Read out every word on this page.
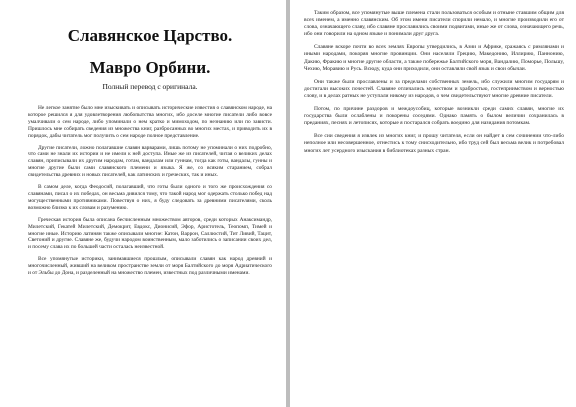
Славянское Царство.
Мавро Орбини.
Полный перевод с оригинала.

Не легкое занятие было мне изыскивать и описывать исторические известия о славянском народе, на которое решился я для удовлетворения любопытства многих, ибо доселе многие писатели либо вовсе умалчивали о сем народе, либо упоминали о нем кратко и мимоходом, по незнанию или по зависти. Пришлось мне собирать сведения из множества книг, разбросанных во многих местах, и приводить их в порядок, дабы читатель мог получить о сем народе полное представление.

Другие писатели, ложно полагавшие славян варварами, лишь потому не упоминали о них подробно, что сами не знали их истории и не имели к ней доступа. Иные же из писателей, читая о великих делах славян, приписывали их другим народам, готам, вандалам или гуннам, тогда как готы, вандалы, гунны и многие другие были сами славянского племени и языка. Я же, со всяким старанием, собрал свидетельства древних и новых писателей, как латинских и греческих, так и иных.

В самом деле, когда Феодосий, полагавший, что готы были одного и того же происхождения со славянами, писал о их победах, он весьма дивился тому, что такой народ мог одержать столько побед над могущественными противниками. Повествуя о них, я буду следовать за древними писателями, сколь возможно близко к их словам и разумению.

Греческая история была описана бесчисленным множеством авторов, среди которых Анаксимандр, Милетский, Гекатей Милетский, Демокрит, Евдокс, Дионисий, Эфор, Аристотель, Теопомп, Тимей и многие иные. Историю латинян также описывали многие: Катон, Варрон, Саллюстий, Тит Ливий, Тацит, Светоний и другие. Славяне же, будучи народом воинственным, мало заботились о записании своих дел, и посему слава их по большей части осталась неизвестной.

Все упомянутые историки, занимавшиеся прошлым, описывали славян как народ древний и многочисленный, живший на великом пространстве земли от моря Балтийского до моря Адриатического и от Эльбы до Дона, и разделенный на множество племен, известных под различными именами.

Таким образом, все упомянутые выше племена стали пользоваться особым и отныне ставшим общим для всех именем, а именно славянским. Об этом имени писатели спорили немало, и многие производили его от слова, означающего славу, ибо славяне прославились своими подвигами, иные же от слова, означающего речь, ибо они говорили на одном языке и понимали друг друга.

Славяне вскоре почти во всех землях Европы утвердились, в Азии и Африке, сражаясь с римлянами и иными народами, покоряя многие провинции. Они населяли Грецию, Македонию, Иллирию, Паннонию, Дакию, Фракию и многие другие области, а также побережье Балтийского моря, Вандалию, Поморье, Польшу, Чехию, Моравию и Русь. Всюду, куда они приходили, они оставляли свой язык и свои обычаи.

Они также были прославлены и за пределами собственных земель, ибо служили многим государям и достигали высоких почестей. Славяне отличались мужеством и храбростью, гостеприимством и верностью слову, и в делах ратных не уступали никому из народов, о чем свидетельствуют многие древние писатели.

Потом, по причине раздоров и междоусобиц, которые возникли среди самих славян, многие их государства были ослаблены и покорены соседями. Однако память о былом величии сохранилась в преданиях, песнях и летописях, которые я постарался собрать воедино для назидания потомкам.

Все сии сведения я извлек из многих книг, и прошу читателя, если он найдет в сем сочинении что-либо неполное или несовершенное, отнестись к тому снисходительно, ибо труд сей был весьма велик и потребовал многих лет усердного изыскания в библиотеках разных стран.
